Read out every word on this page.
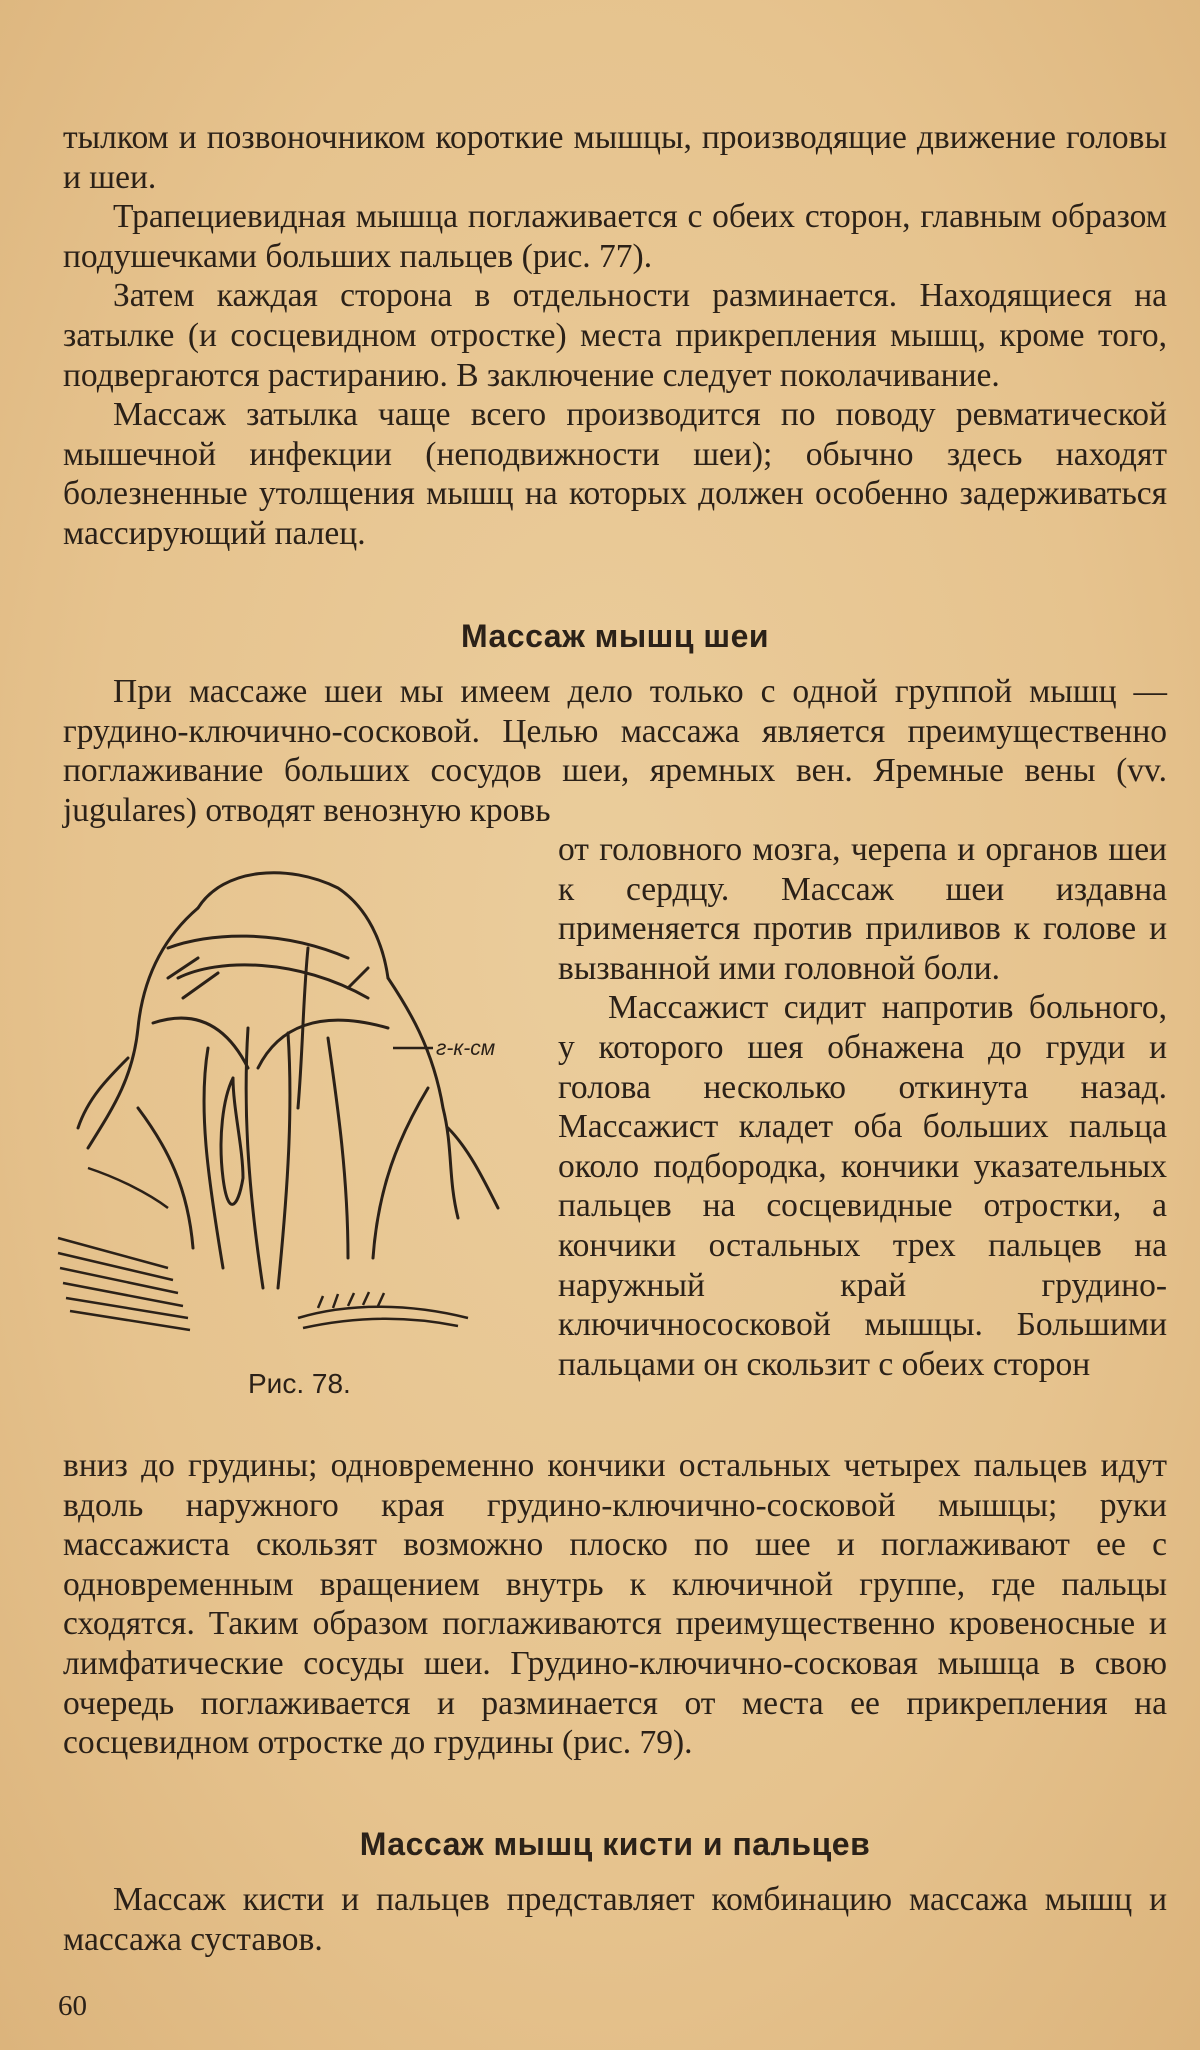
тылком и позвоночником короткие мышцы, производящие движение головы и шеи.

Трапециевидная мышца поглаживается с обеих сторон, главным образом подушечками больших пальцев (рис. 77).

Затем каждая сторона в отдельности разминается. Находящиеся на затылке (и сосцевидном отростке) места прикрепления мышц, кроме того, подвергаются растиранию. В заключение следует поколачивание.

Массаж затылка чаще всего производится по поводу ревматической мышечной инфекции (неподвижности шеи); обычно здесь находят болезненные утолщения мышц на которых должен особенно задерживаться массирующий палец.

Массаж мышц шеи

При массаже шеи мы имеем дело только с одной группой мышц — грудино-ключично-сосковой. Целью массажа является преимущественно поглаживание больших сосудов шеи, яремных вен. Яремные вены (vv. jugulares) отводят венозную кровь

г-к-см
Рис. 78.

от головного мозга, черепа и органов шеи к сердцу. Массаж шеи издавна применяется против приливов к голове и вызванной ими головной боли.

Массажист сидит напротив больного, у которого шея обнажена до груди и голова несколько откинута назад. Массажист кладет оба больших пальца около подбородка, кончики указательных пальцев на сосцевидные отростки, а кончики остальных трех пальцев на наружный край грудино-ключичнососковой мышцы. Большими пальцами он скользит с обеих сторон

вниз до грудины; одновременно кончики остальных четырех пальцев идут вдоль наружного края грудино-ключично-сосковой мышцы; руки массажиста скользят возможно плоско по шее и поглаживают ее с одновременным вращением внутрь к ключичной группе, где пальцы сходятся. Таким образом поглаживаются преимущественно кровеносные и лимфатические сосуды шеи. Грудино-ключично-сосковая мышца в свою очередь поглаживается и разминается от места ее прикрепления на сосцевидном отростке до грудины (рис. 79).

Массаж мышц кисти и пальцев

Массаж кисти и пальцев представляет комбинацию массажа мышц и массажа суставов.

60
